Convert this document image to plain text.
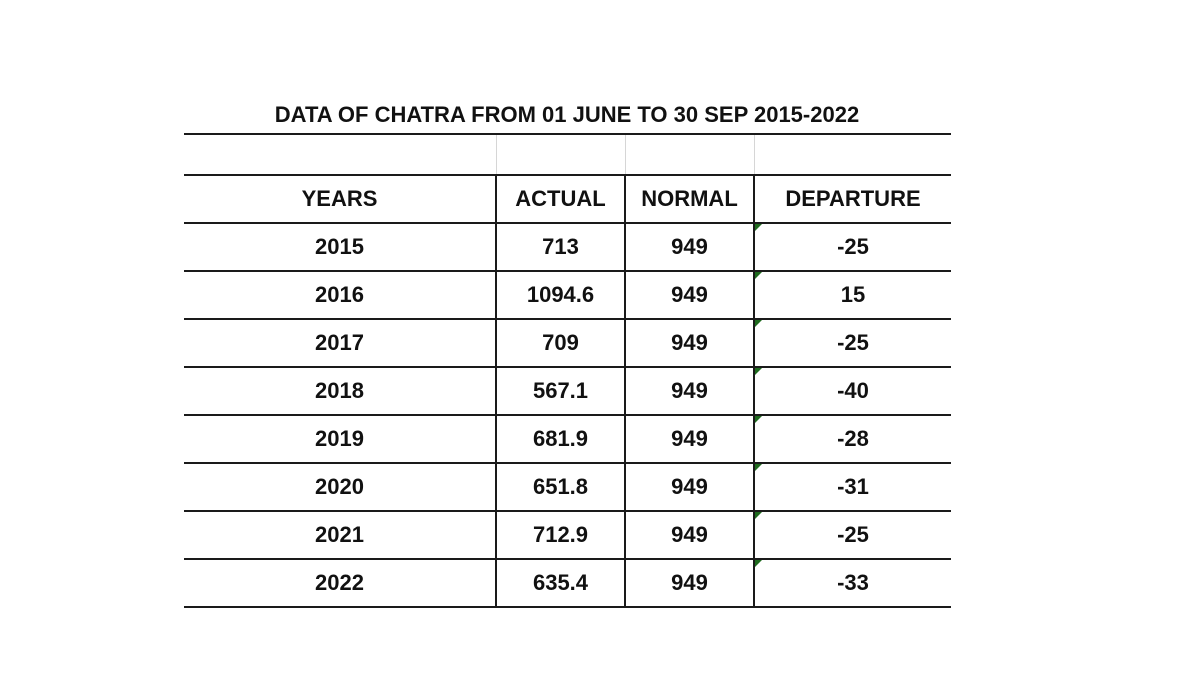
DATA OF CHATRA FROM 01 JUNE TO 30 SEP 2015-2022

YEARS	ACTUAL	NORMAL	DEPARTURE
2015	713	949	-25
2016	1094.6	949	15
2017	709	949	-25
2018	567.1	949	-40
2019	681.9	949	-28
2020	651.8	949	-31
2021	712.9	949	-25
2022	635.4	949	-33
